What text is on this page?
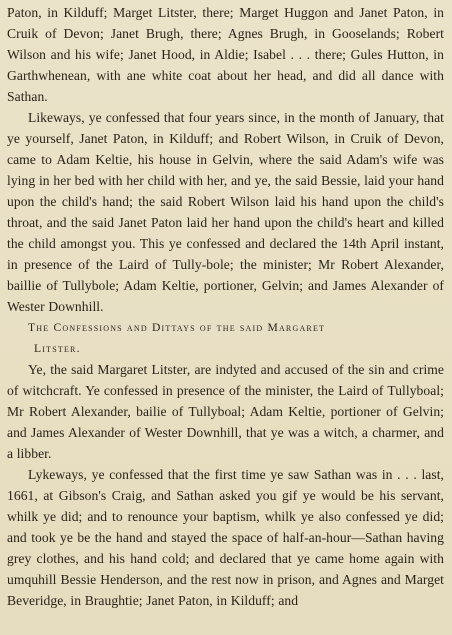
Paton, in Kilduff; Marget Litster, there; Marget Huggon and Janet Paton, in Cruik of Devon; Janet Brugh, there; Agnes Brugh, in Gooselands; Robert Wilson and his wife; Janet Hood, in Aldie; Isabel . . . there; Gules Hutton, in Garthwhenean, with ane white coat about her head, and did all dance with Sathan.

Likeways, ye confessed that four years since, in the month of January, that ye yourself, Janet Paton, in Kilduff; and Robert Wilson, in Cruik of Devon, came to Adam Keltie, his house in Gelvin, where the said Adam's wife was lying in her bed with her child with her, and ye, the said Bessie, laid your hand upon the child's hand; the said Robert Wilson laid his hand upon the child's throat, and the said Janet Paton laid her hand upon the child's heart and killed the child amongst you. This ye confessed and declared the 14th April instant, in presence of the Laird of Tully-bole; the minister; Mr Robert Alexander, baillie of Tullybole; Adam Keltie, portioner, Gelvin; and James Alexander of Wester Downhill.

The Confessions and Dittays of the said Margaret
Litster.

Ye, the said Margaret Litster, are indyted and accused of the sin and crime of witchcraft. Ye confessed in presence of the minister, the Laird of Tullyboal; Mr Robert Alexander, bailie of Tullyboal; Adam Keltie, portioner of Gelvin; and James Alexander of Wester Downhill, that ye was a witch, a charmer, and a libber.

Lykeways, ye confessed that the first time ye saw Sathan was in . . . last, 1661, at Gibson's Craig, and Sathan asked you gif ye would be his servant, whilk ye did; and to renounce your baptism, whilk ye also confessed ye did; and took ye be the hand and stayed the space of half-an-hour—Sathan having grey clothes, and his hand cold; and declared that ye came home again with umquhill Bessie Henderson, and the rest now in prison, and Agnes and Marget Beveridge, in Braughtie; Janet Paton, in Kilduff; and
